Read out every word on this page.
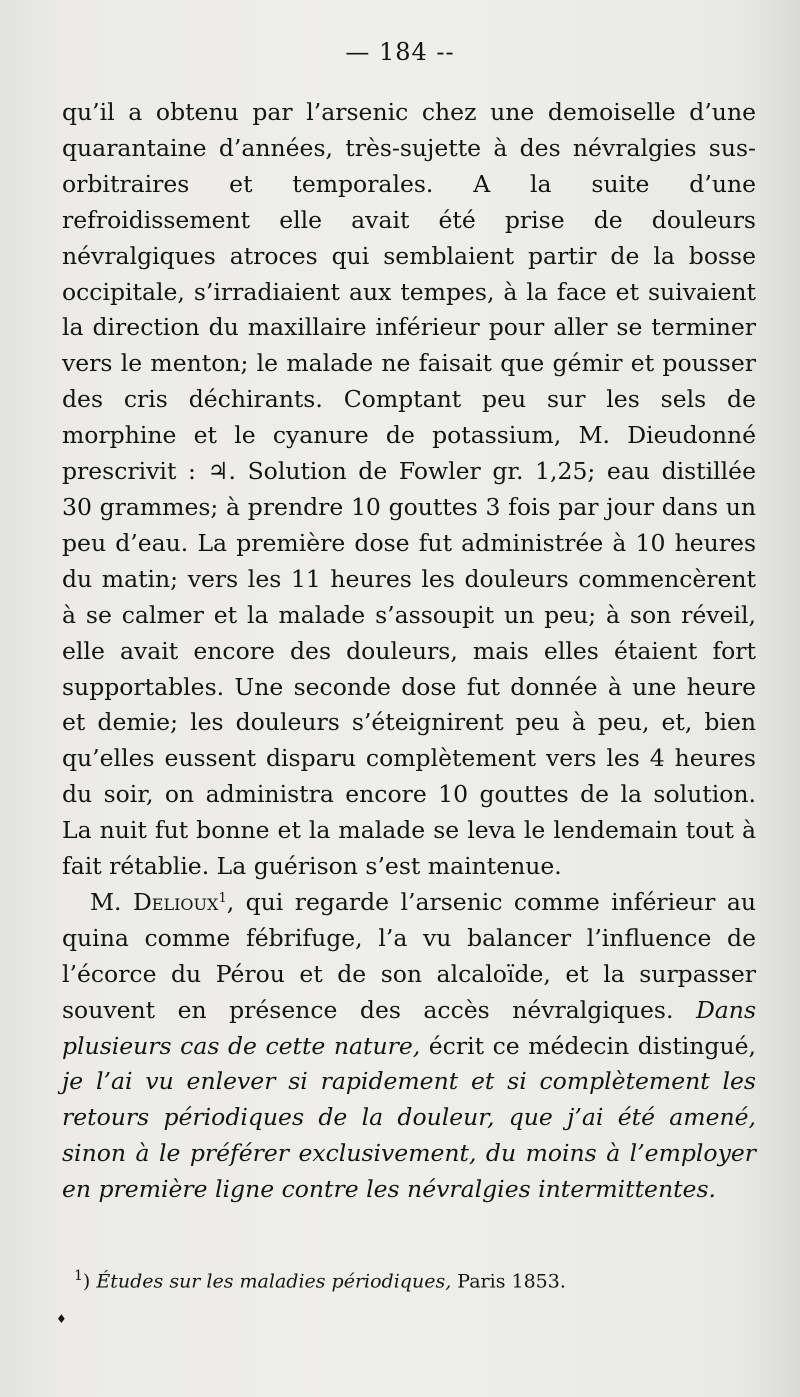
— 184 --

qu’il a obtenu par l’arsenic chez une demoiselle d’une quarantaine d’années, très-sujette à des névralgies sus-orbitraires et temporales. A la suite d’une refroidissement elle avait été prise de douleurs névralgiques atroces qui semblaient partir de la bosse occipitale, s’irradiaient aux tempes, à la face et suivaient la direction du maxillaire inférieur pour aller se terminer vers le menton; le malade ne faisait que gémir et pousser des cris déchirants. Comptant peu sur les sels de morphine et le cyanure de potassium, M. Dieudonné prescrivit : ♃. Solution de Fowler gr. 1,25; eau distillée 30 grammes; à prendre 10 gouttes 3 fois par jour dans un peu d’eau. La première dose fut administrée à 10 heures du matin; vers les 11 heures les douleurs commencèrent à se calmer et la malade s’assoupit un peu; à son réveil, elle avait encore des douleurs, mais elles étaient fort supportables. Une seconde dose fut donnée à une heure et demie; les douleurs s’éteignirent peu à peu, et, bien qu’elles eussent disparu complètement vers les 4 heures du soir, on administra encore 10 gouttes de la solution. La nuit fut bonne et la malade se leva le lendemain tout à fait rétablie. La guérison s’est maintenue.

M. Delioux$^1$, qui regarde l’arsenic comme inférieur au quina comme fébrifuge, l’a vu balancer l’influence de l’écorce du Pérou et de son alcaloïde, et la surpasser souvent en présence des accès névralgiques. Dans plusieurs cas de cette nature, écrit ce médecin distingué, je l’ai vu enlever si rapidement et si complètement les retours périodiques de la douleur, que j’ai été amené, sinon à le préférer exclusivement, du moins à l’employer en première ligne contre les névralgies intermittentes.

$^1$) Études sur les maladies périodiques, Paris 1853.
♦
